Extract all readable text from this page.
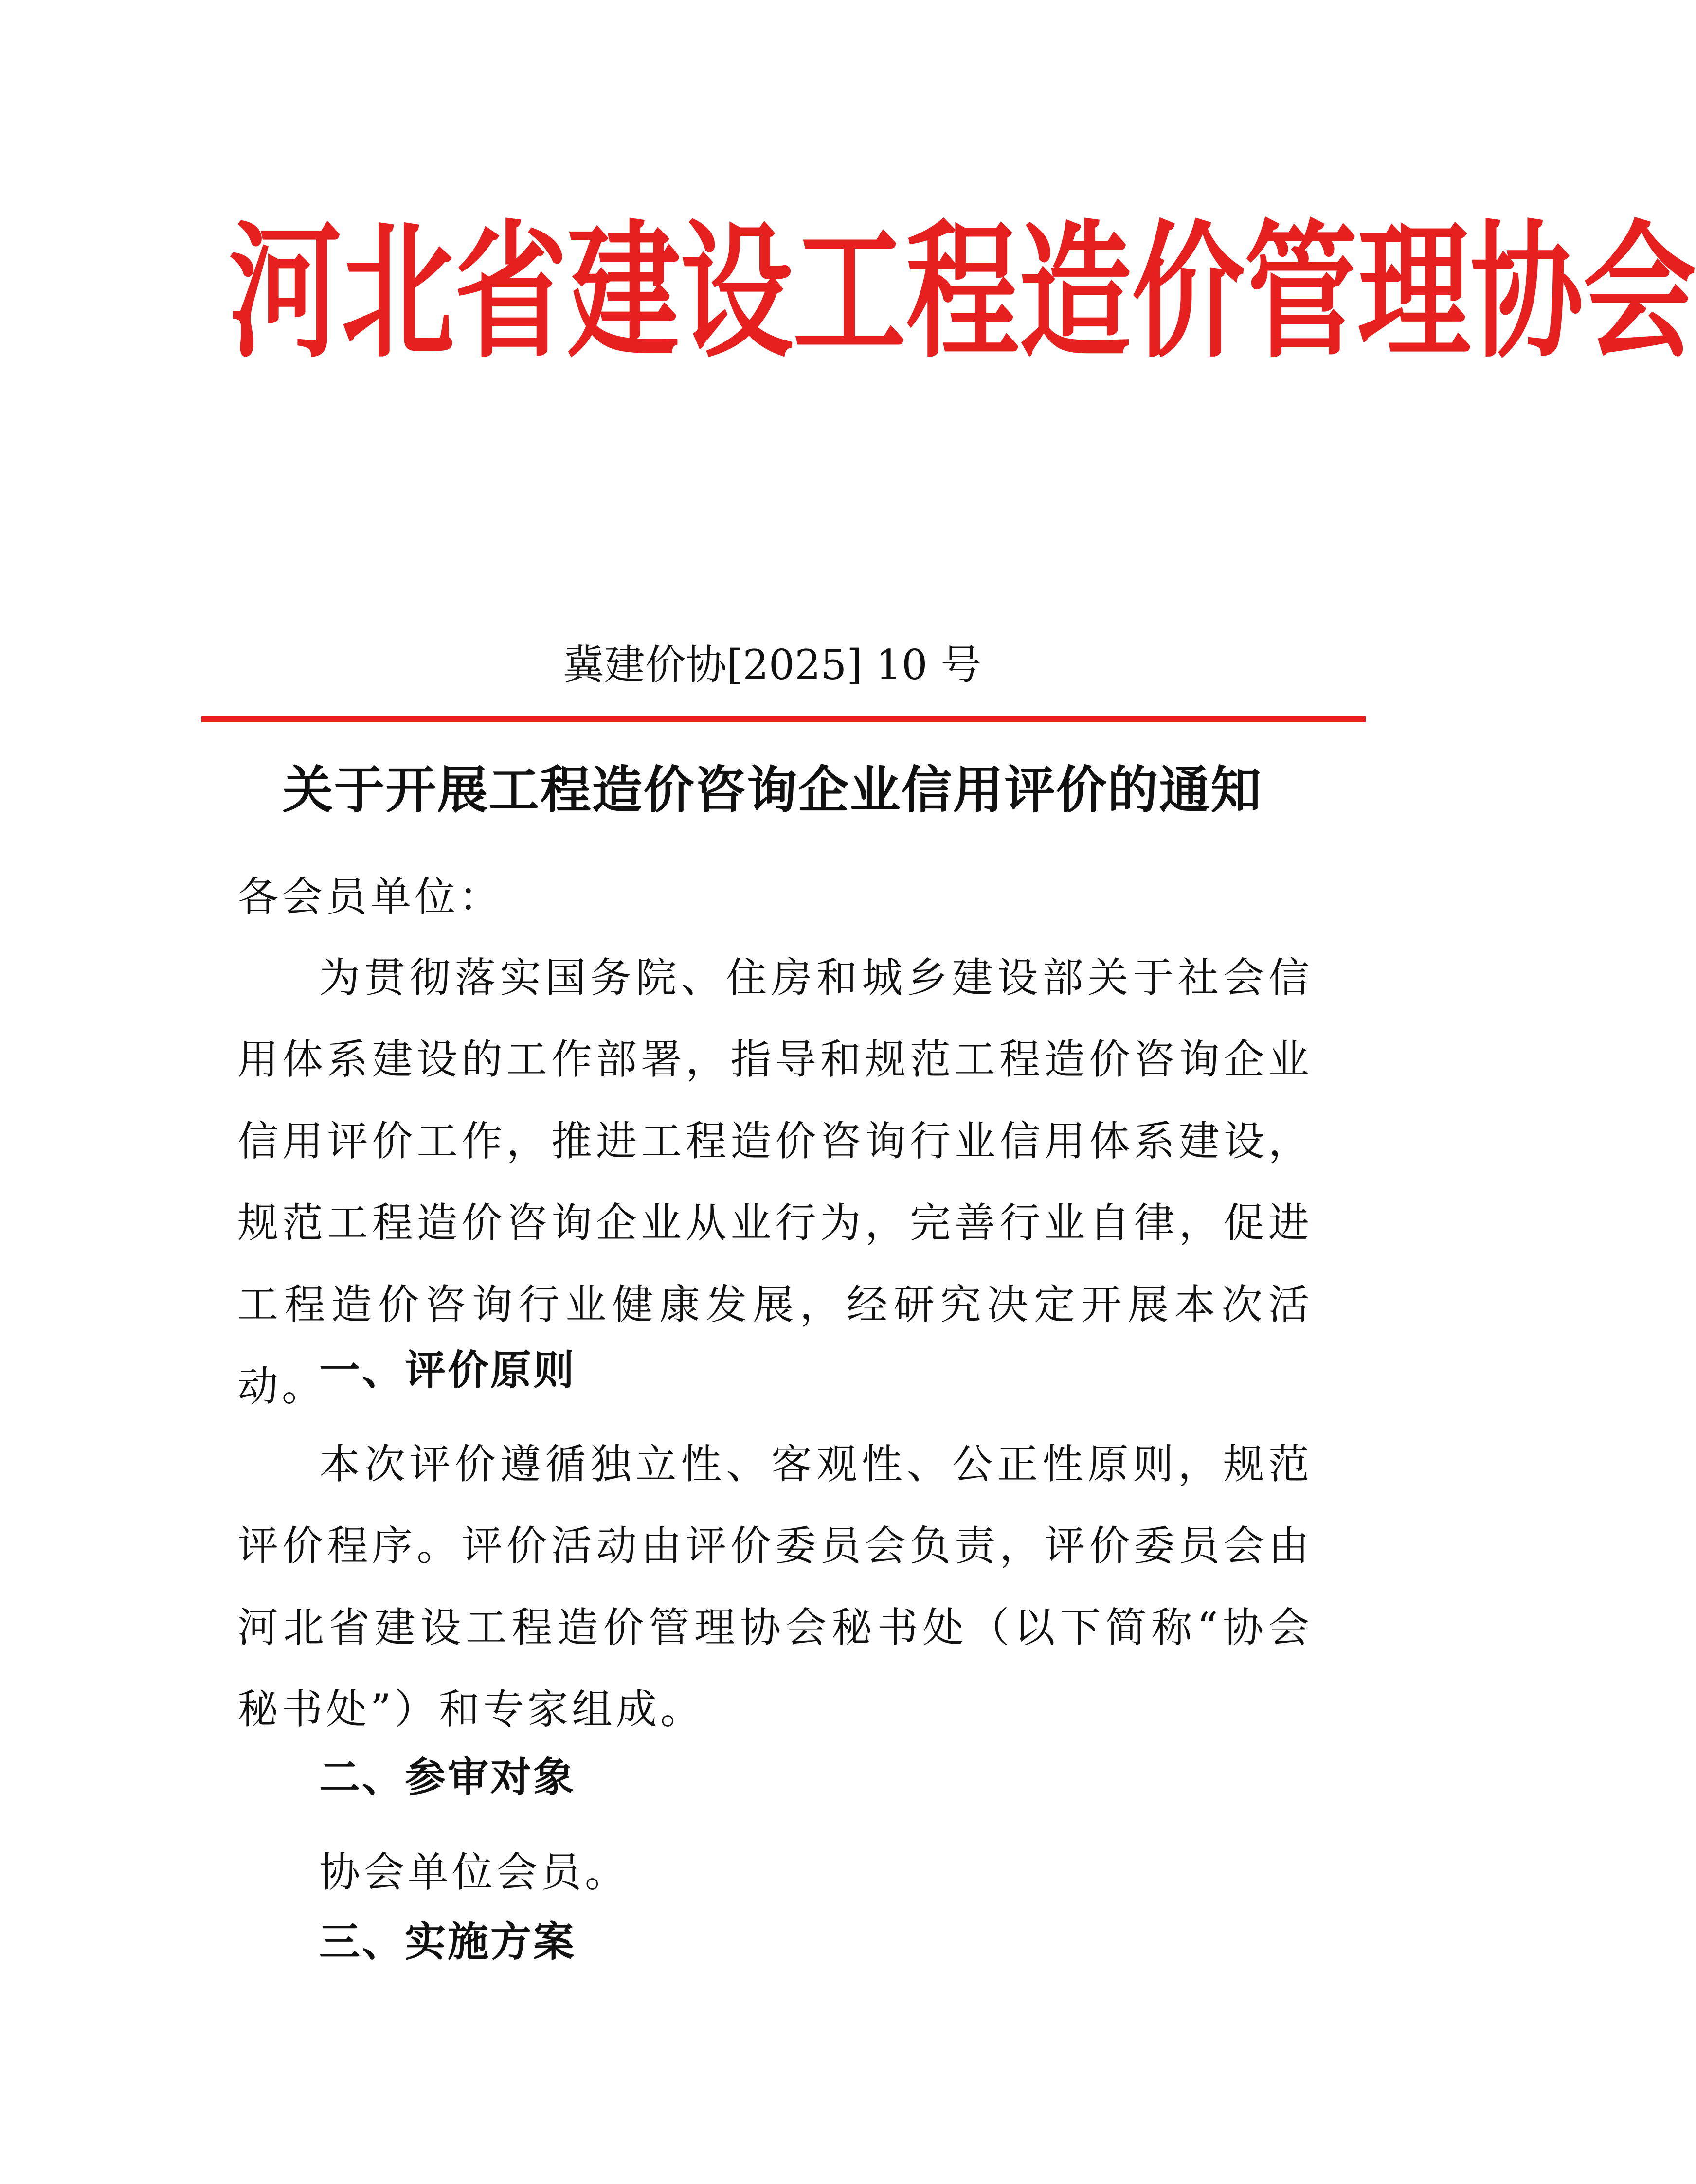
河 北 省 建 设 工 程 造 价 管 理 协 会
冀建价协[2025] 10 号
关于开展工程造价咨询企业信用评价的通知
各会员单位：

为贯彻落实国务院、住房和城乡建设部关于社会信用体系建设的工作部署，指导和规范工程造价咨询企业信用评价工作，推进工程造价咨询行业信用体系建设，规范工程造价咨询企业从业行为，完善行业自律，促进工程造价咨询行业健康发展，经研究决定开展本次活动。

一、评价原则

本次评价遵循独立性、客观性、公正性原则，规范评价程序。评价活动由评价委员会负责，评价委员会由河北省建设工程造价管理协会秘书处（以下简称“协会秘书处”）和专家组成。

二、参审对象

协会单位会员。

三、实施方案
